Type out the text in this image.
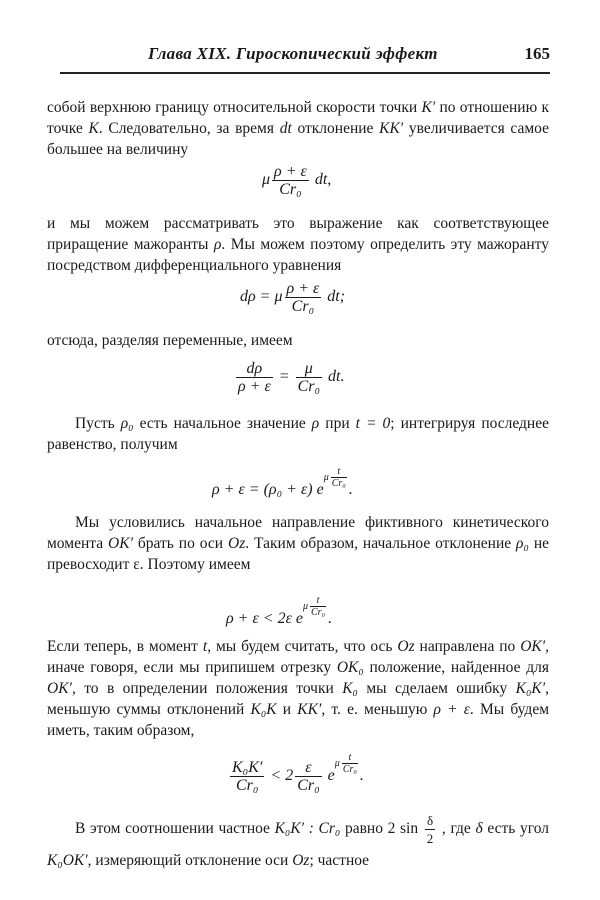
Глава XIX. Гироскопический эффект	165

собой верхнюю границу относительной скорости точки K′ по отношению к точке K. Следовательно, за время dt отклонение KK′ увеличивается самое большее на величину

μ $\frac{\rho + \varepsilon}{\text{Cr₀}}$ dt,

и мы можем рассматривать это выражение как соответствующее приращение мажоранты ρ. Мы можем поэтому определить эту мажоранту посредством дифференциального уравнения

dρ = μ $\frac{\rho + \varepsilon}{\text{Cr₀}}$ dt;

отсюда, разделяя переменные, имеем

$\frac{d\rho}{\rho + \varepsilon} = \frac{\mu}{\text{Cr₀}}$ dt.

Пусть ρ₀ есть начальное значение ρ при t = 0; интегрируя последнее равенство, получим

ρ + ε = (ρ₀ + ε) eμ $\frac{t}{\text{Cr₀}}$
.

Мы условились начальное направление фиктивного кинетического момента OK′ брать по оси Oz. Таким образом, начальное отклонение ρ₀ не превосходит ε. Поэтому имеем

ρ + ε < 2ε eμ $\frac{t}{\text{Cr₀}}$
.

Если теперь, в момент t, мы будем считать, что ось Oz направлена по OK′, иначе говоря, если мы припишем отрезку OK₀ положение, найденное для OK′, то в определении положения точки K₀ мы сделаем ошибку K₀K′, меньшую суммы отклонений K₀K и KK′, т. е. меньшую ρ + ε. Мы будем иметь, таким образом,

$\frac{\text{K₀K′}}{\text{Cr₀}} < 2 \frac{\varepsilon}{\text{Cr₀}}$ eμ $\frac{t}{\text{Cr₀}}$
.

В этом соотношении частное K₀K′ : Cr₀ равно 2 $\sin \frac{\delta}{2}$ , где δ есть угол K₀OK′, измеряющий отклонение оси Oz; частное
